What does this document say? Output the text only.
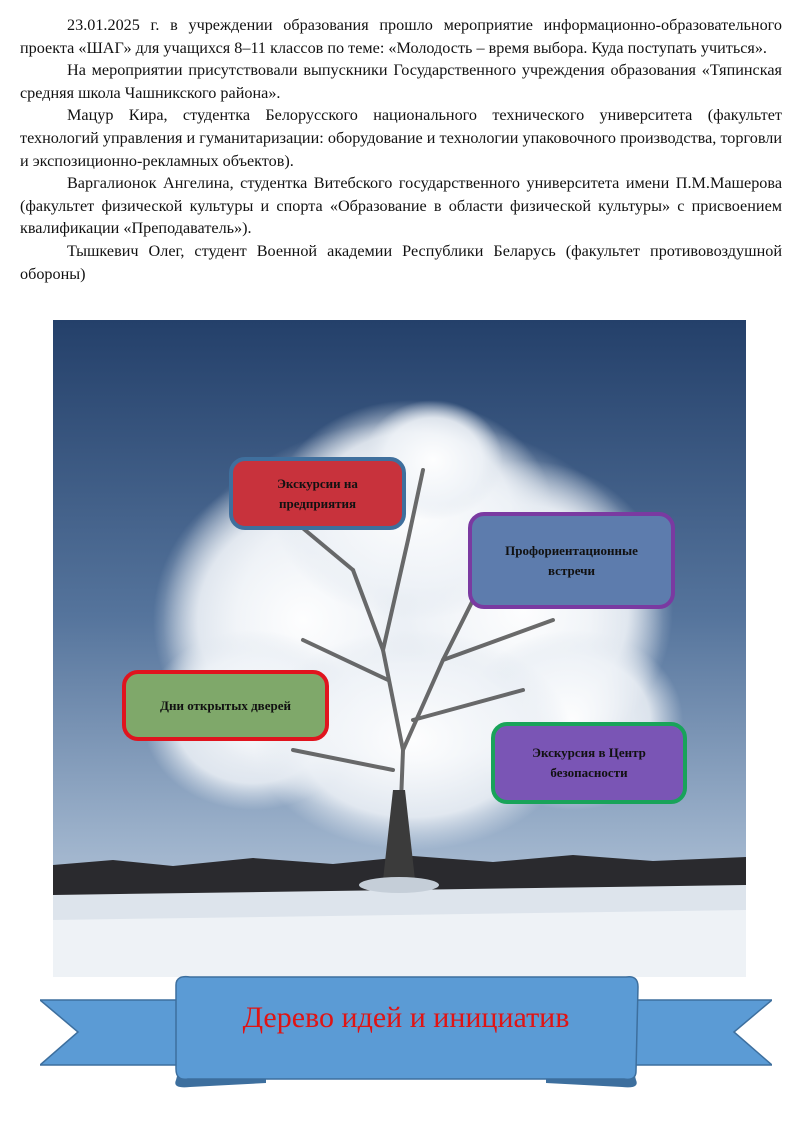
23.01.2025 г. в учреждении образования прошло мероприятие информационно-образовательного проекта «ШАГ» для учащихся 8–11 классов по теме: «Молодость – время выбора. Куда поступать учиться».

На мероприятии присутствовали выпускники Государственного учреждения образования «Тяпинская средняя школа Чашникского района».

Мацур Кира, студентка Белорусского национального технического университета (факультет технологий управления и гуманитаризации: оборудование и технологии упаковочного производства, торговли и экспозиционно-рекламных объектов).

Варгалионок Ангелина, студентка Витебского государственного университета имени П.М.Машерова (факультет физической культуры и спорта «Образование в области физической культуры» с присвоением квалификации «Преподаватель»).

Тышкевич Олег, студент Военной академии Республики Беларусь (факультет противовоздушной обороны)

Экскурсии на предприятия
Профориентационные встречи
Дни открытых дверей
Экскурсия в Центр безопасности
Дерево идей и инициатив
